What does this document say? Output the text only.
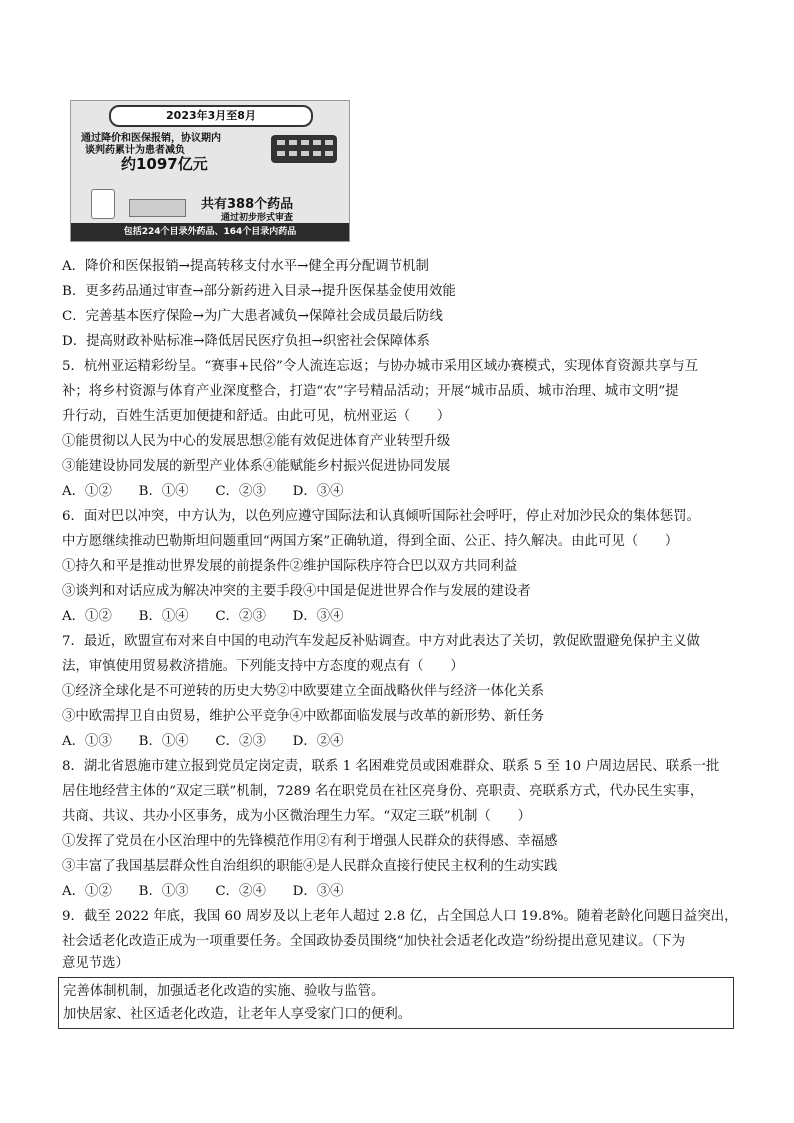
2023年3月至8月
通过降价和医保报销，协议期内
谈判药累计为患者减负
约1097亿元
共有388个药品
通过初步形式审查
包括224个目录外药品、164个目录内药品
A．降价和医保报销→提高转移支付水平→健全再分配调节机制
B．更多药品通过审查→部分新药进入目录→提升医保基金使用效能
C．完善基本医疗保险→为广大患者减负→保障社会成员最后防线
D．提高财政补贴标准→降低居民医疗负担→织密社会保障体系
5．杭州亚运精彩纷呈。“赛事+民俗”令人流连忘返；与协办城市采用区域办赛模式，实现体育资源共享与互
补；将乡村资源与体育产业深度整合，打造“农”字号精品活动；开展“城市品质、城市治理、城市文明”提
升行动，百姓生活更加便捷和舒适。由此可见，杭州亚运（　　）
①能贯彻以人民为中心的发展思想②能有效促进体育产业转型升级
③能建设协同发展的新型产业体系④能赋能乡村振兴促进协同发展
A．①②　　B．①④　　C．②③　　D．③④
6．面对巴以冲突，中方认为，以色列应遵守国际法和认真倾听国际社会呼吁，停止对加沙民众的集体惩罚。
中方愿继续推动巴勒斯坦问题重回“两国方案”正确轨道，得到全面、公正、持久解决。由此可见（　　）
①持久和平是推动世界发展的前提条件②维护国际秩序符合巴以双方共同利益
③谈判和对话应成为解决冲突的主要手段④中国是促进世界合作与发展的建设者
A．①②　　B．①④　　C．②③　　D．③④
7．最近，欧盟宣布对来自中国的电动汽车发起反补贴调查。中方对此表达了关切，敦促欧盟避免保护主义做
法，审慎使用贸易救济措施。下列能支持中方态度的观点有（　　）
①经济全球化是不可逆转的历史大势②中欧要建立全面战略伙伴与经济一体化关系
③中欧需捍卫自由贸易，维护公平竞争④中欧都面临发展与改革的新形势、新任务
A．①③　　B．①④　　C．②③　　D．②④
8．湖北省恩施市建立报到党员定岗定责，联系 1 名困难党员或困难群众、联系 5 至 10 户周边居民、联系一批
居住地经营主体的“双定三联”机制，7289 名在职党员在社区亮身份、亮职责、亮联系方式，代办民生实事，
共商、共议、共办小区事务，成为小区微治理生力军。“双定三联”机制（　　）
①发挥了党员在小区治理中的先锋模范作用②有利于增强人民群众的获得感、幸福感
③丰富了我国基层群众性自治组织的职能④是人民群众直接行使民主权利的生动实践
A．①②　　B．①③　　C．②④　　D．③④
9．截至 2022 年底，我国 60 周岁及以上老年人超过 2.8 亿，占全国总人口 19.8%。随着老龄化问题日益突出，
社会适老化改造正成为一项重要任务。全国政协委员围绕“加快社会适老化改造”纷纷提出意见建议。（下为
意见节选）
完善体制机制，加强适老化改造的实施、验收与监管。
加快居家、社区适老化改造，让老年人享受家门口的便利。
